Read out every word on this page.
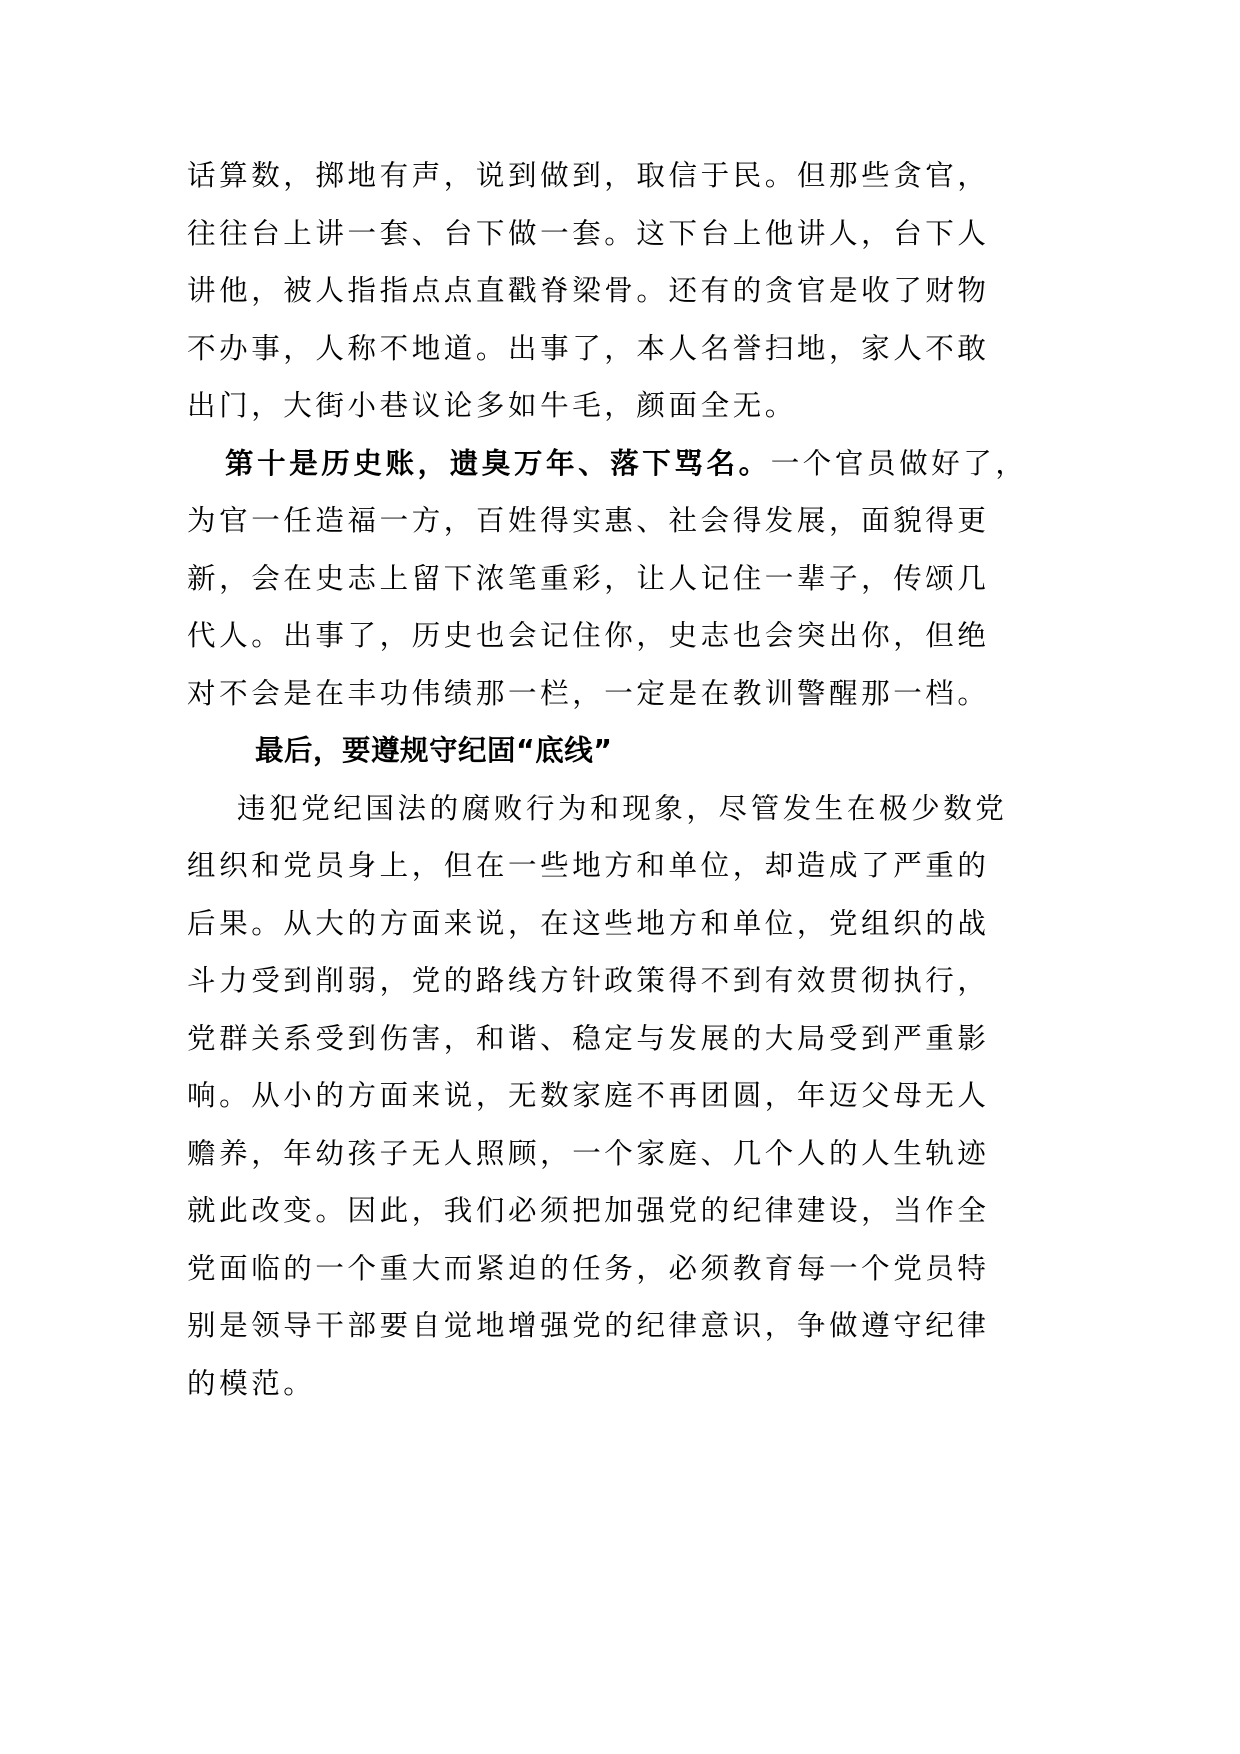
话算数，掷地有声，说到做到，取信于民。但那些贪官，
往往台上讲一套、台下做一套。这下台上他讲人，台下人
讲他，被人指指点点直戳脊梁骨。还有的贪官是收了财物
不办事，人称不地道。出事了，本人名誉扫地，家人不敢
出门，大街小巷议论多如牛毛，颜面全无。
第十是历史账，遗臭万年、落下骂名。一个官员做好了，
为官一任造福一方，百姓得实惠、社会得发展，面貌得更
新，会在史志上留下浓笔重彩，让人记住一辈子，传颂几
代人。出事了，历史也会记住你，史志也会突出你，但绝
对不会是在丰功伟绩那一栏，一定是在教训警醒那一档。
最后，要遵规守纪固“底线”
违犯党纪国法的腐败行为和现象，尽管发生在极少数党
组织和党员身上，但在一些地方和单位，却造成了严重的
后果。从大的方面来说，在这些地方和单位，党组织的战
斗力受到削弱，党的路线方针政策得不到有效贯彻执行，
党群关系受到伤害，和谐、稳定与发展的大局受到严重影
响。从小的方面来说，无数家庭不再团圆，年迈父母无人
赡养，年幼孩子无人照顾，一个家庭、几个人的人生轨迹
就此改变。因此，我们必须把加强党的纪律建设，当作全
党面临的一个重大而紧迫的任务，必须教育每一个党员特
别是领导干部要自觉地增强党的纪律意识，争做遵守纪律
的模范。
